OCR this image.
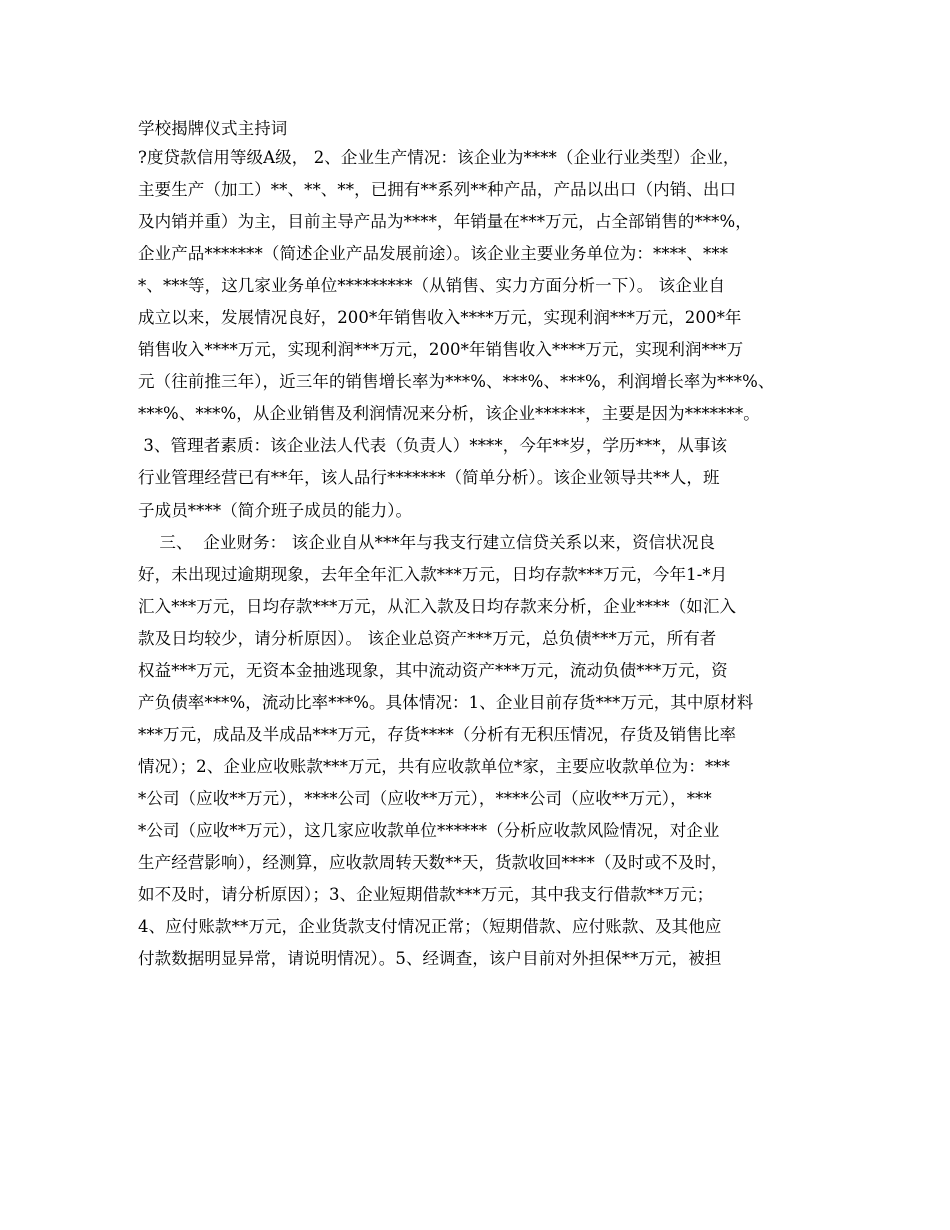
学校揭牌仪式主持词
?度贷款信用等级A级， 2、企业生产情况：该企业为****（企业行业类型）企业，
主要生产（加工）**、**、**，已拥有**系列**种产品，产品以出口（内销、出口
及内销并重）为主，目前主导产品为****，年销量在***万元，占全部销售的***%，
企业产品*******（简述企业产品发展前途）。该企业主要业务单位为：****、***
*、***等，这几家业务单位*********（从销售、实力方面分析一下）。 该企业自
成立以来，发展情况良好，200*年销售收入****万元，实现利润***万元，200*年
销售收入****万元，实现利润***万元，200*年销售收入****万元，实现利润***万
元（往前推三年），近三年的销售增长率为***%、***%、***%，利润增长率为***%、
***%、***%，从企业销售及利润情况来分析，该企业******，主要是因为*******。
3、管理者素质：该企业法人代表（负责人）****，今年**岁，学历***，从事该
行业管理经营已有**年，该人品行*******（简单分析）。该企业领导共**人，班
子成员****（简介班子成员的能力）。
三、  企业财务： 该企业自从***年与我支行建立信贷关系以来，资信状况良
好，未出现过逾期现象，去年全年汇入款***万元，日均存款***万元，今年1-*月
汇入***万元，日均存款***万元，从汇入款及日均存款来分析，企业****（如汇入
款及日均较少，请分析原因）。 该企业总资产***万元，总负债***万元，所有者
权益***万元，无资本金抽逃现象，其中流动资产***万元，流动负债***万元，资
产负债率***%，流动比率***%。具体情况：1、企业目前存货***万元，其中原材料
***万元，成品及半成品***万元，存货****（分析有无积压情况，存货及销售比率
情况）；2、企业应收账款***万元，共有应收款单位*家，主要应收款单位为：***
*公司（应收**万元），****公司（应收**万元），****公司（应收**万元），***
*公司（应收**万元），这几家应收款单位******（分析应收款风险情况，对企业
生产经营影响），经测算，应收款周转天数**天，货款收回****（及时或不及时，
如不及时，请分析原因）；3、企业短期借款***万元，其中我支行借款**万元；
4、应付账款**万元，企业货款支付情况正常；（短期借款、应付账款、及其他应
付款数据明显异常，请说明情况）。5、经调查，该户目前对外担保**万元，被担
